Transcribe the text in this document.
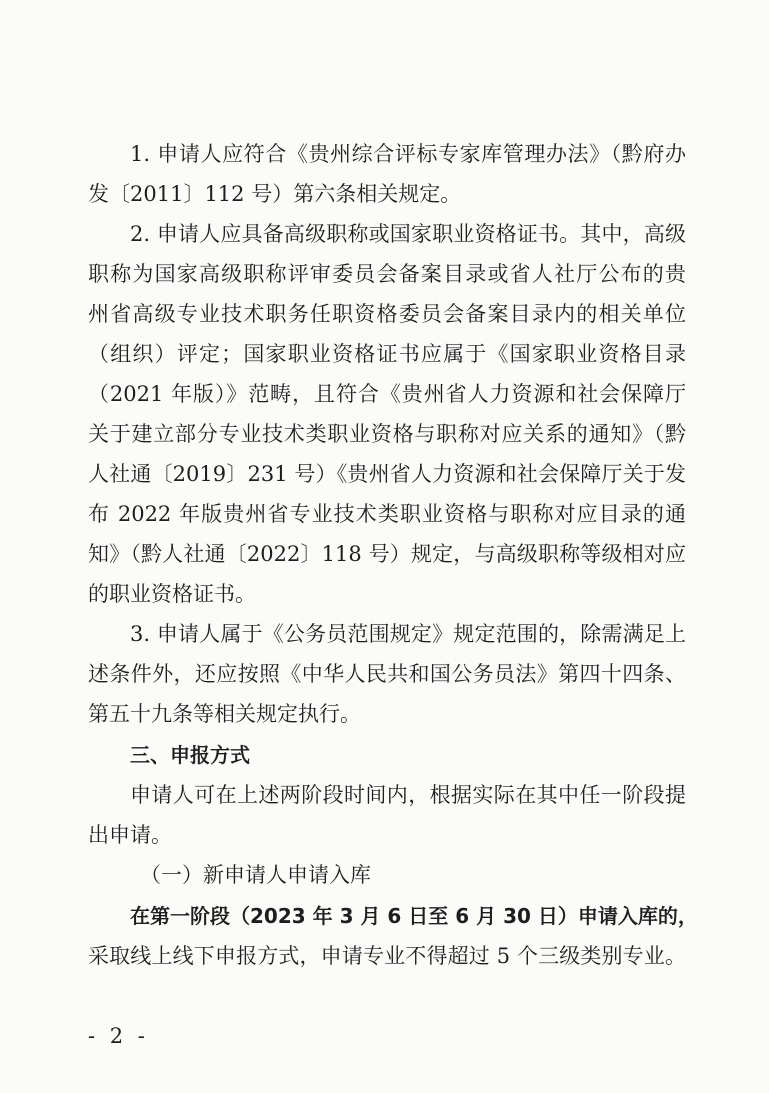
1. 申请人应符合《贵州综合评标专家库管理办法》（黔府办
发〔2011〕112 号）第六条相关规定。
2. 申请人应具备高级职称或国家职业资格证书。其中，高级
职称为国家高级职称评审委员会备案目录或省人社厅公布的贵
州省高级专业技术职务任职资格委员会备案目录内的相关单位
（组织）评定；国家职业资格证书应属于《国家职业资格目录
（2021 年版）》范畴，且符合《贵州省人力资源和社会保障厅
关于建立部分专业技术类职业资格与职称对应关系的通知》（黔
人社通〔2019〕231 号）《贵州省人力资源和社会保障厅关于发
布 2022 年版贵州省专业技术类职业资格与职称对应目录的通
知》（黔人社通〔2022〕118 号）规定，与高级职称等级相对应
的职业资格证书。
3. 申请人属于《公务员范围规定》规定范围的，除需满足上
述条件外，还应按照《中华人民共和国公务员法》第四十四条、
第五十九条等相关规定执行。
三、申报方式
申请人可在上述两阶段时间内，根据实际在其中任一阶段提
出申请。
（一）新申请人申请入库
在第一阶段（2023 年 3 月 6 日至 6 月 30 日）申请入库的，
采取线上线下申报方式，申请专业不得超过 5 个三级类别专业。
- 2 -
